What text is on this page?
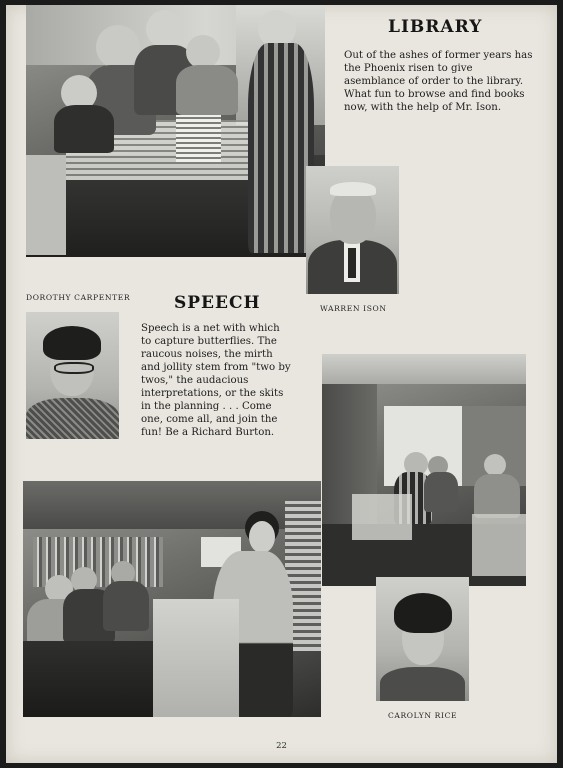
LIBRARY

Out of the ashes of former years has the Phoenix risen to give asemblance of order to the library. What fun to browse and find books now, with the help of Mr. Ison.

WARREN ISON

DOROTHY CARPENTER	SPEECH

Speech is a net with which to capture butterflies. The raucous noises, the mirth and jollity stem from "two by twos," the audacious interpretations, or the skits in the planning . . . Come one, come all, and join the fun! Be a Richard Burton.

CAROLYN RICE

22
